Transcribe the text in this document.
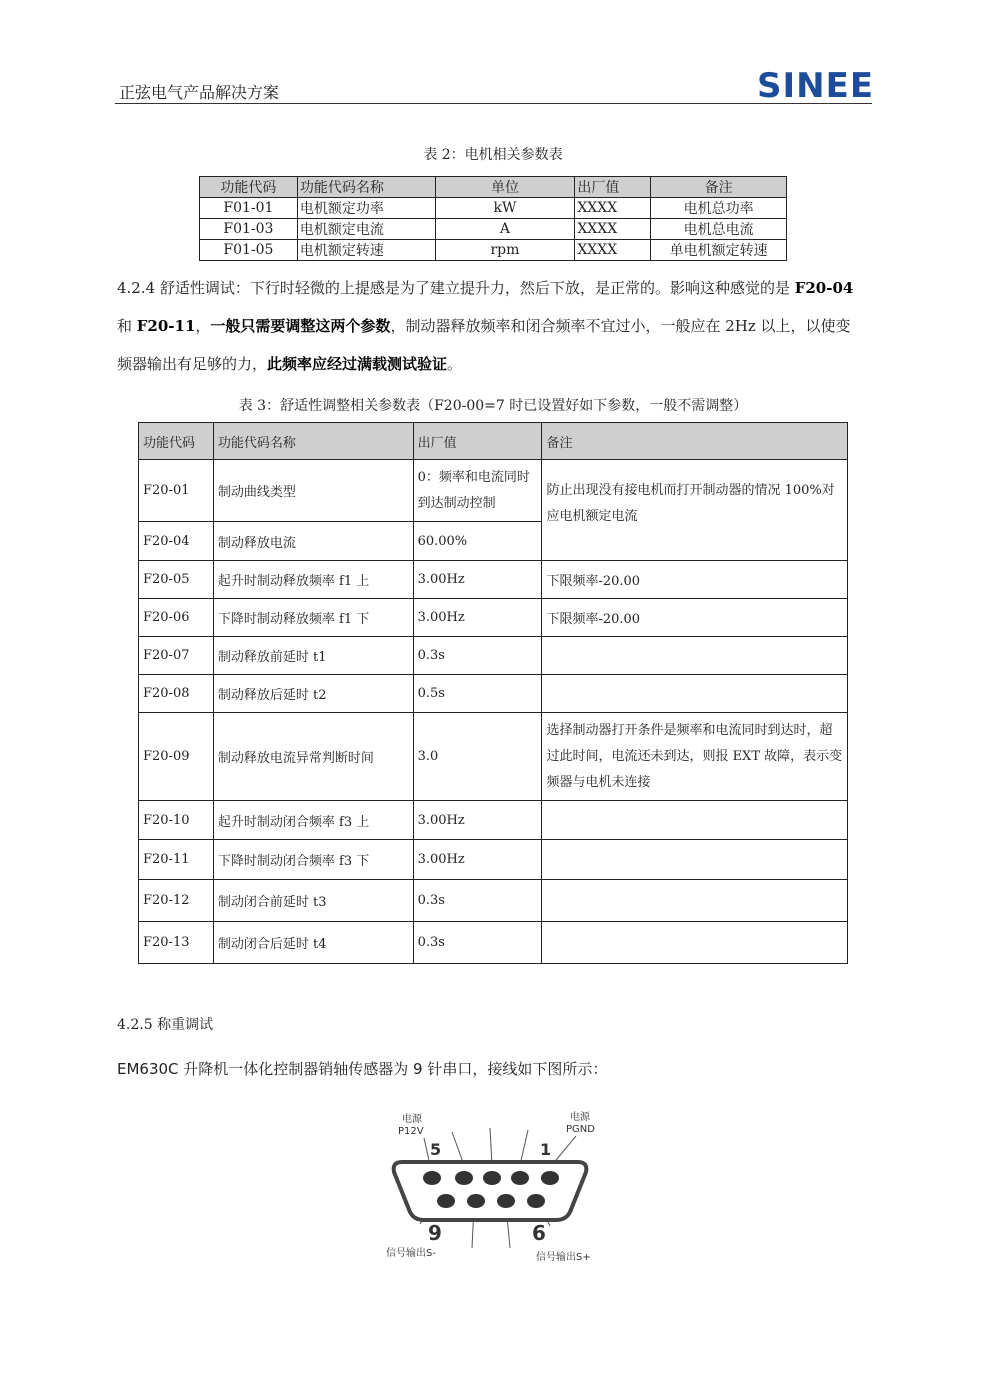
正弦电气产品解决方案	SINEE
表 2：电机相关参数表
功能代码	功能代码名称	单位	出厂值	备注
F01-01	电机额定功率	kW	XXXX	电机总功率
F01-03	电机额定电流	A	XXXX	电机总电流
F01-05	电机额定转速	rpm	XXXX	单电机额定转速
4.2.4 舒适性调试：下行时轻微的上提感是为了建立提升力，然后下放，是正常的。影响这种感觉的是 F20-04 和 F20-11，一般只需要调整这两个参数，制动器释放频率和闭合频率不宜过小，一般应在 2Hz 以上，以使变频器输出有足够的力，此频率应经过满载测试验证。
表 3：舒适性调整相关参数表（F20-00=7 时已设置好如下参数，一般不需调整）
功能代码	功能代码名称	出厂值	备注
F20-01	制动曲线类型	0：频率和电流同时到达制动控制	防止出现没有接电机而打开制动器的情况 100%对应电机额定电流
F20-04	制动释放电流	60.00%	
F20-05	起升时制动释放频率 f1 上	3.00Hz	下限频率-20.00
F20-06	下降时制动释放频率 f1 下	3.00Hz	下限频率-20.00
F20-07	制动释放前延时 t1	0.3s	
F20-08	制动释放后延时 t2	0.5s	
F20-09	制动释放电流异常判断时间	3.0	选择制动器打开条件是频率和电流同时到达时，超过此时间，电流还未到达，则报 EXT 故障，表示变频器与电机未连接
F20-10	起升时制动闭合频率 f3 上	3.00Hz	
F20-11	下降时制动闭合频率 f3 下	3.00Hz	
F20-12	制动闭合前延时 t3	0.3s	
F20-13	制动闭合后延时 t4	0.3s	
4.2.5 称重调试
EM630C 升降机一体化控制器销轴传感器为 9 针串口，接线如下图所示：
电源
P12V
电源
PGND
5	1
9	6
信号输出S-	信号输出S+
